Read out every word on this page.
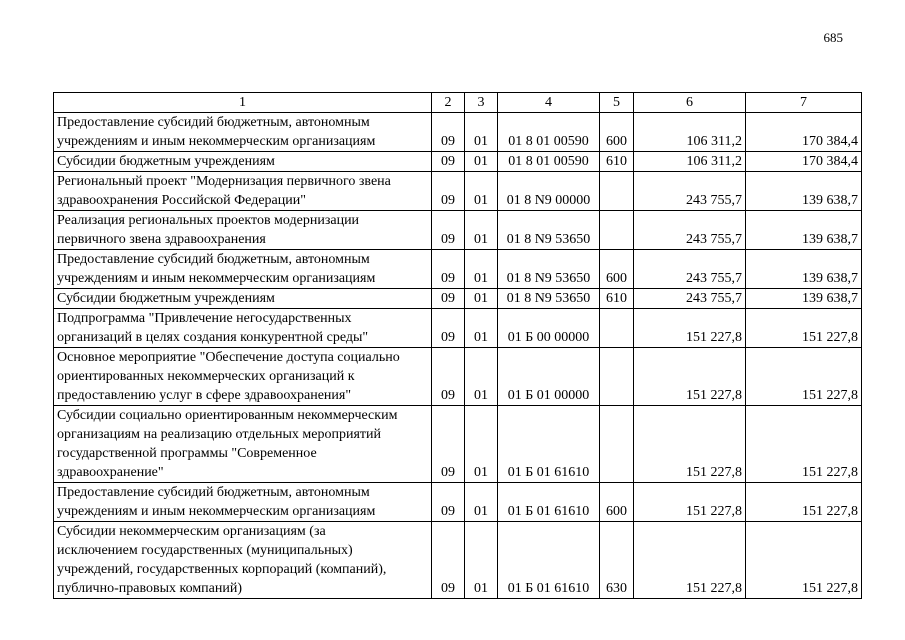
685
1	2	3	4	5	6	7
Предоставление субсидий бюджетным, автономным
учреждениям и иным некоммерческим организациям	09	01	01 8 01 00590	600	106 311,2	170 384,4
Субсидии бюджетным учреждениям	09	01	01 8 01 00590	610	106 311,2	170 384,4
Региональный проект "Модернизация первичного звена
здравоохранения Российской Федерации"	09	01	01 8 N9 00000		243 755,7	139 638,7
Реализация региональных проектов модернизации
первичного звена здравоохранения	09	01	01 8 N9 53650		243 755,7	139 638,7
Предоставление субсидий бюджетным, автономным
учреждениям и иным некоммерческим организациям	09	01	01 8 N9 53650	600	243 755,7	139 638,7
Субсидии бюджетным учреждениям	09	01	01 8 N9 53650	610	243 755,7	139 638,7
Подпрограмма "Привлечение негосударственных
организаций в целях создания конкурентной среды"	09	01	01 Б 00 00000		151 227,8	151 227,8
Основное мероприятие "Обеспечение доступа социально
ориентированных некоммерческих организаций к
предоставлению услуг в сфере здравоохранения"	09	01	01 Б 01 00000		151 227,8	151 227,8
Субсидии социально ориентированным некоммерческим
организациям на реализацию отдельных мероприятий
государственной программы "Современное
здравоохранение"	09	01	01 Б 01 61610		151 227,8	151 227,8
Предоставление субсидий бюджетным, автономным
учреждениям и иным некоммерческим организациям	09	01	01 Б 01 61610	600	151 227,8	151 227,8
Субсидии некоммерческим организациям (за
исключением государственных (муниципальных)
учреждений, государственных корпораций (компаний),
публично-правовых компаний)	09	01	01 Б 01 61610	630	151 227,8	151 227,8
